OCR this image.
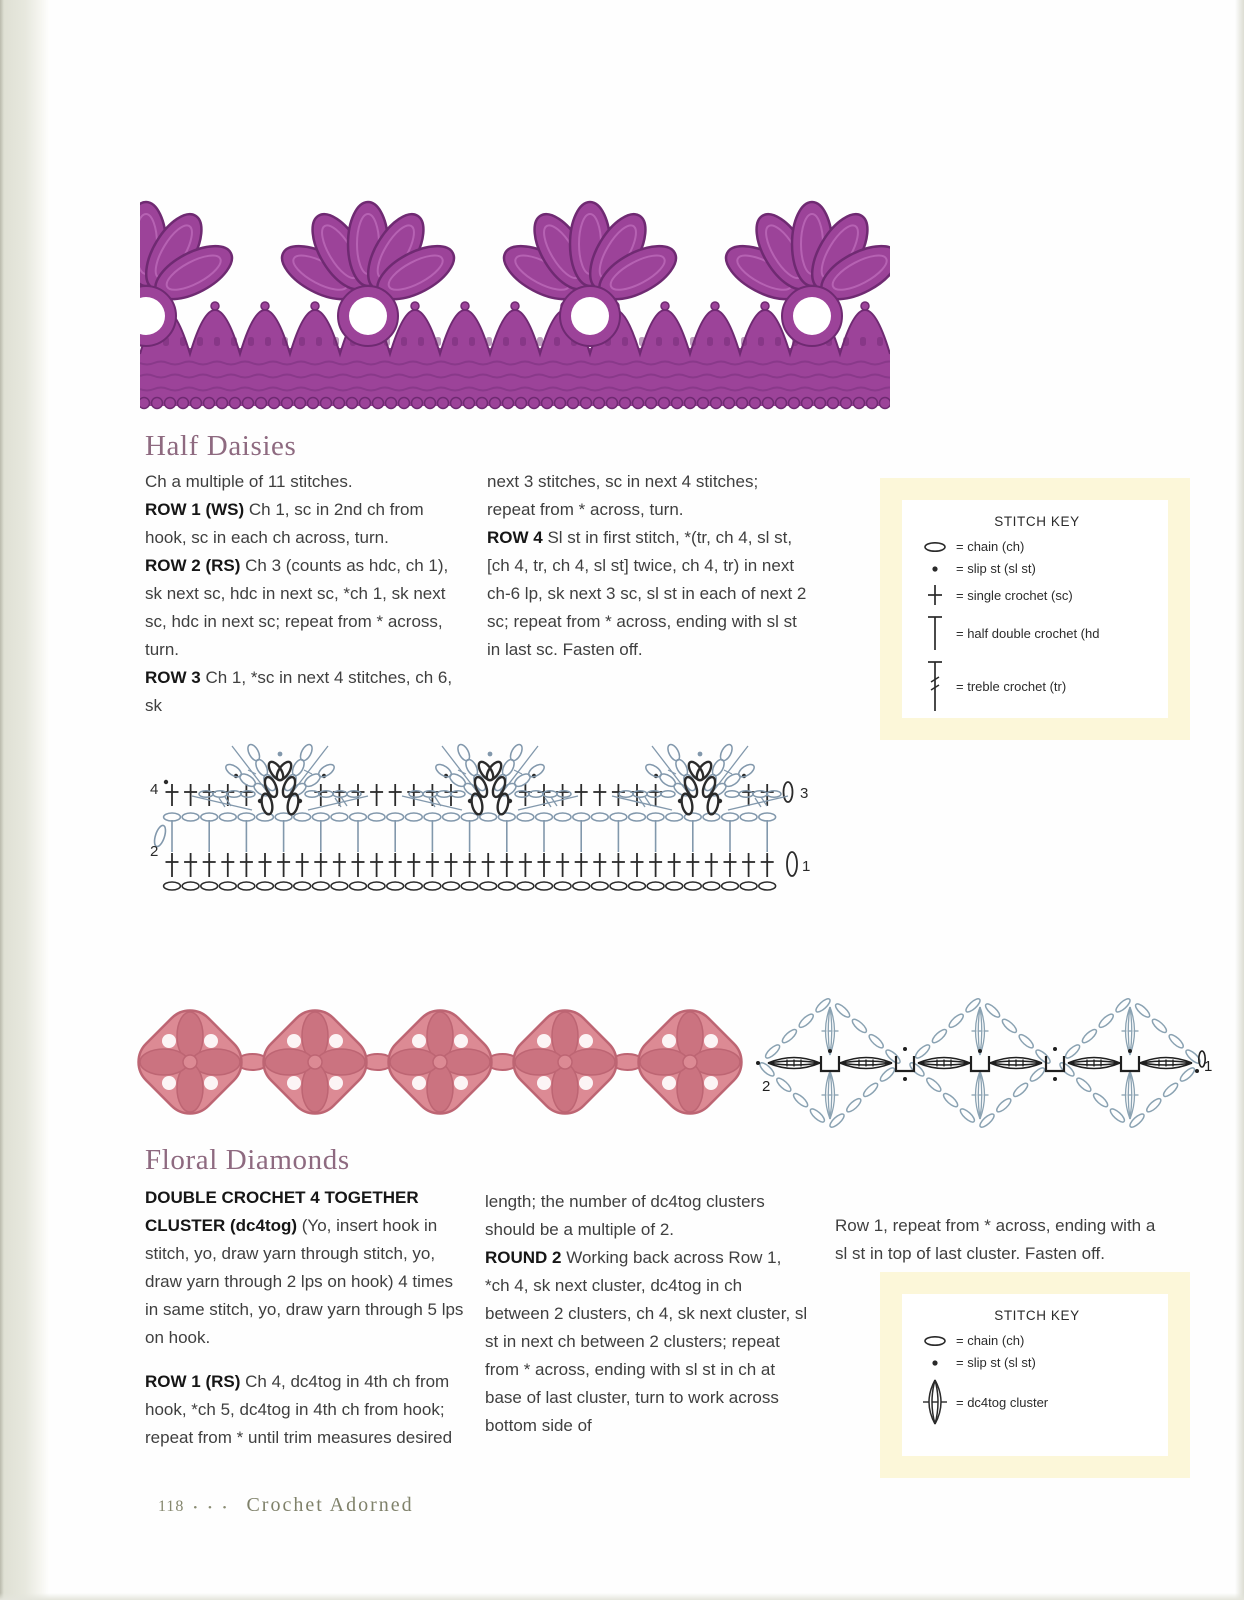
Half Daisies

Ch a multiple of 11 stitches.

ROW 1 (WS) Ch 1, sc in 2nd ch from hook, sc in each ch across, turn.

ROW 2 (RS) Ch 3 (counts as hdc, ch 1), sk next sc, hdc in next sc, *ch 1, sk next sc, hdc in next sc; repeat from * across, turn.

ROW 3 Ch 1, *sc in next 4 stitches, ch 6, sk

next 3 stitches, sc in next 4 stitches; repeat from * across, turn.

ROW 4 Sl st in first stitch, *(tr, ch 4, sl st, [ch 4, tr, ch 4, sl st] twice, ch 4, tr) in next ch-6 lp, sk next 3 sc, sl st in each of next 2 sc; repeat from * across, ending with sl st in last sc. Fasten off.

STITCH KEY
= chain (ch)
= slip st (sl st)
= single crochet (sc)
= half double crochet (hd
= treble crochet (tr)
1
2
3
4
2
1
Floral Diamonds

DOUBLE CROCHET 4 TOGETHER CLUSTER (dc4tog) (Yo, insert hook in stitch, yo, draw yarn through stitch, yo, draw yarn through 2 lps on hook) 4 times in same stitch, yo, draw yarn through 5 lps on hook.

ROW 1 (RS) Ch 4, dc4tog in 4th ch from hook, *ch 5, dc4tog in 4th ch from hook; repeat from * until trim measures desired

length; the number of dc4tog clusters should be a multiple of 2.

ROUND 2 Working back across Row 1, *ch 4, sk next cluster, dc4tog in ch between 2 clusters, ch 4, sk next cluster, sl st in next ch between 2 clusters; repeat from * across, ending with sl st in ch at base of last cluster, turn to work across bottom side of

Row 1, repeat from * across, ending with a sl st in top of last cluster. Fasten off.

STITCH KEY
= chain (ch)
= slip st (sl st)
= dc4tog cluster
118 • • • Crochet Adorned
